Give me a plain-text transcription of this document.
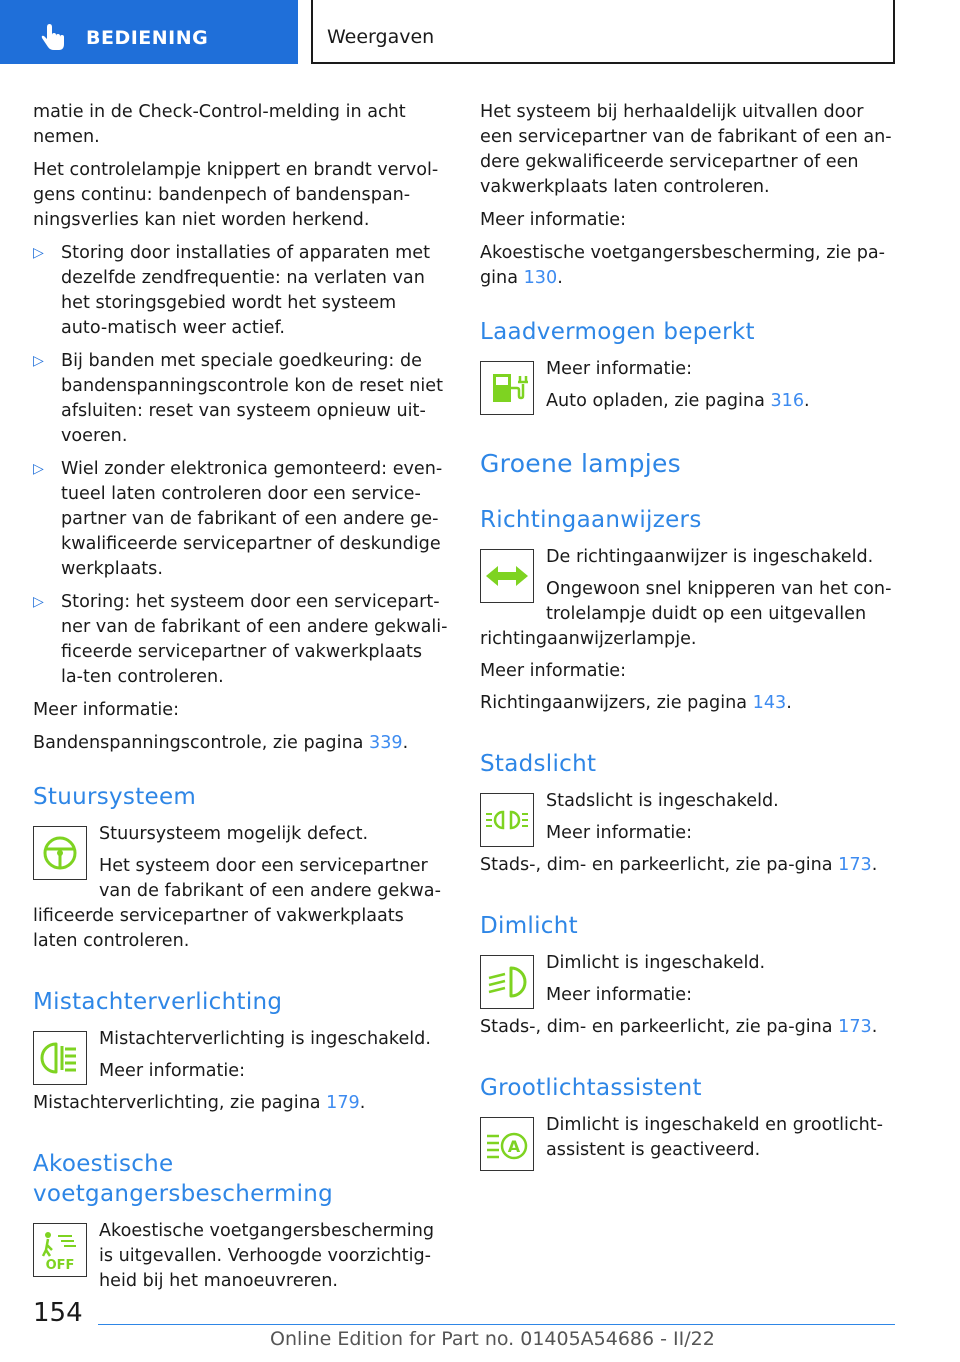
BEDIENING	Weergaven

matie in de Check-Control-melding in acht nemen.

Het controlelampje knippert en brandt vervol-gens continu: bandenpech of bandenspan-ningsverlies kan niet worden herkend.

▷ Storing door installaties of apparaten met dezelfde zendfrequentie: na verlaten van het storingsgebied wordt het systeem auto-matisch weer actief.
▷ Bij banden met speciale goedkeuring: de bandenspanningscontrole kon de reset niet afsluiten: reset van systeem opnieuw uit-voeren.
▷ Wiel zonder elektronica gemonteerd: even-tueel laten controleren door een service-partner van de fabrikant of een andere ge-kwalificeerde servicepartner of deskundige werkplaats.
▷ Storing: het systeem door een servicepart-ner van de fabrikant of een andere gekwali-ficeerde servicepartner of vakwerkplaats la-ten controleren.

Meer informatie:

Bandenspanningscontrole, zie pagina 339.

Stuursysteem

Stuursysteem mogelijk defect.

Het systeem door een servicepartner van de fabrikant of een andere gekwa-lificeerde servicepartner of vakwerkplaats laten controleren.

Mistachterverlichting

Mistachterverlichting is ingeschakeld.

Meer informatie:

Mistachterverlichting, zie pagina 179.

Akoestische voetgangersbescherming
OFF

Akoestische voetgangersbescherming is uitgevallen. Verhoogde voorzichtig-heid bij het manoeuvreren.

Het systeem bij herhaaldelijk uitvallen door een servicepartner van de fabrikant of een an-dere gekwalificeerde servicepartner of een vakwerkplaats laten controleren.

Meer informatie:

Akoestische voetgangersbescherming, zie pa-gina 130.

Laadvermogen beperkt

Meer informatie:

Auto opladen, zie pagina 316.

Groene lampjes
Richtingaanwijzers

De richtingaanwijzer is ingeschakeld.

Ongewoon snel knipperen van het con-trolelampje duidt op een uitgevallen richtingaanwijzerlampje.

Meer informatie:

Richtingaanwijzers, zie pagina 143.

Stadslicht

Stadslicht is ingeschakeld.

Meer informatie:

Stads-, dim- en parkeerlicht, zie pa-gina 173.

Dimlicht

Dimlicht is ingeschakeld.

Meer informatie:

Stads-, dim- en parkeerlicht, zie pa-gina 173.

Grootlichtassistent
A

Dimlicht is ingeschakeld en grootlicht-assistent is geactiveerd.

154
Online Edition for Part no. 01405A54686 - II/22
